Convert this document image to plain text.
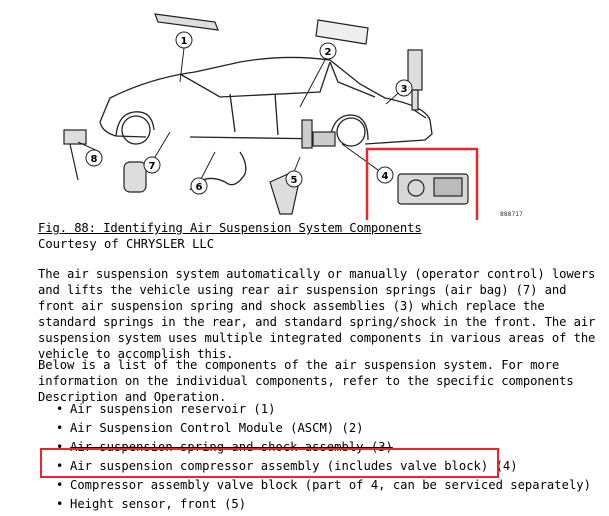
1
2
3
4
5
6
7
8
888717
Fig. 88: Identifying Air Suspension System Components
Courtesy of CHRYSLER LLC

The air suspension system automatically or manually (operator control) lowers and lifts the vehicle using rear air suspension springs (air bag) (7) and front air suspension spring and shock assemblies (3) which replace the standard springs in the rear, and standard spring/shock in the front. The air suspension system uses multiple integrated components in various areas of the vehicle to accomplish this.

Below is a list of the components of the air suspension system. For more information on the individual components, refer to the specific components Description and Operation.

• Air suspension reservoir (1)
• Air Suspension Control Module (ASCM) (2)
• Air suspension spring and shock assembly (3)
• Air suspension compressor assembly (includes valve block) (4)
• Compressor assembly valve block (part of 4, can be serviced separately)
• Height sensor, front (5)
